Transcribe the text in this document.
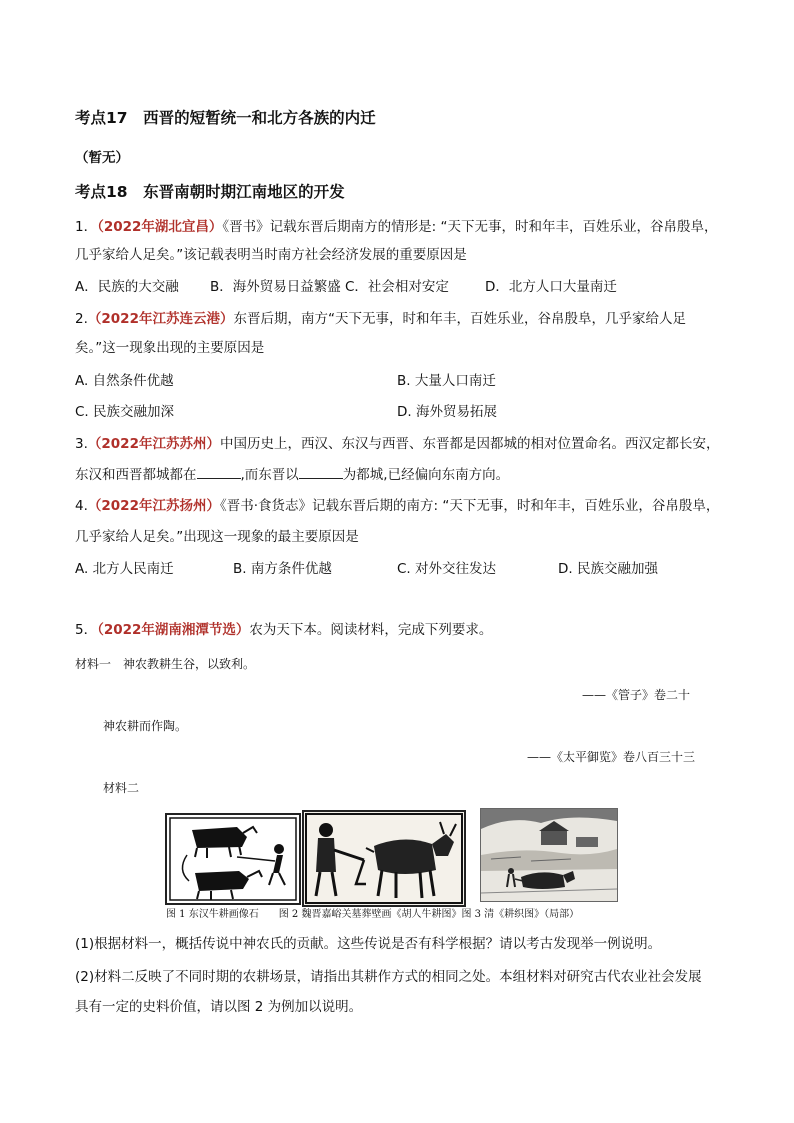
考点17　西晋的短暂统一和北方各族的内迁
（暂无）
考点18　东晋南朝时期江南地区的开发
1．（2022年湖北宜昌）《晋书》记载东晋后期南方的情形是: “天下无事，时和年丰，百姓乐业，谷帛殷阜，
几乎家给人足矣。”该记载表明当时南方社会经济发展的重要原因是
A．民族的大交融 B．海外贸易日益繁盛 C．社会相对安定	D．北方人口大量南迁
2.（2022年江苏连云港）东晋后期，南方“天下无事，时和年丰，百姓乐业，谷帛殷阜，几乎家给人足
矣。”这一现象出现的主要原因是
A. 自然条件优越	B. 大量人口南迁
C. 民族交融加深	D. 海外贸易拓展
3.（2022年江苏苏州）中国历史上，西汉、东汉与西晋、东晋都是因都城的相对位置命名。西汉定都长安，
东汉和西晋都城都在	,而东晋以	为都城,已经偏向东南方向。
4.（2022年江苏扬州）《晋书·食货志》记载东晋后期的南方: “天下无事，时和年丰，百姓乐业，谷帛殷阜，
几乎家给人足矣。”出现这一现象的最主要原因是
A. 北方人民南迁	B. 南方条件优越	C. 对外交往发达	D. 民族交融加强
5．（2022年湖南湘潭节选）农为天下本。阅读材料，完成下列要求。
材料一　神农教耕生谷，以致利。
——《管子》卷二十
神农耕而作陶。
——《太平御览》卷八百三十三
材料二
图 1 东汉牛耕画像石　　图 2 魏晋嘉峪关墓葬壁画《胡人牛耕图》图 3 清《耕织图》（局部）
(1)根据材料一，概括传说中神农氏的贡献。这些传说是否有科学根据？请以考古发现举一例说明。
(2)材料二反映了不同时期的农耕场景，请指出其耕作方式的相同之处。本组材料对研究古代农业社会发展
具有一定的史料价值，请以图 2 为例加以说明。
